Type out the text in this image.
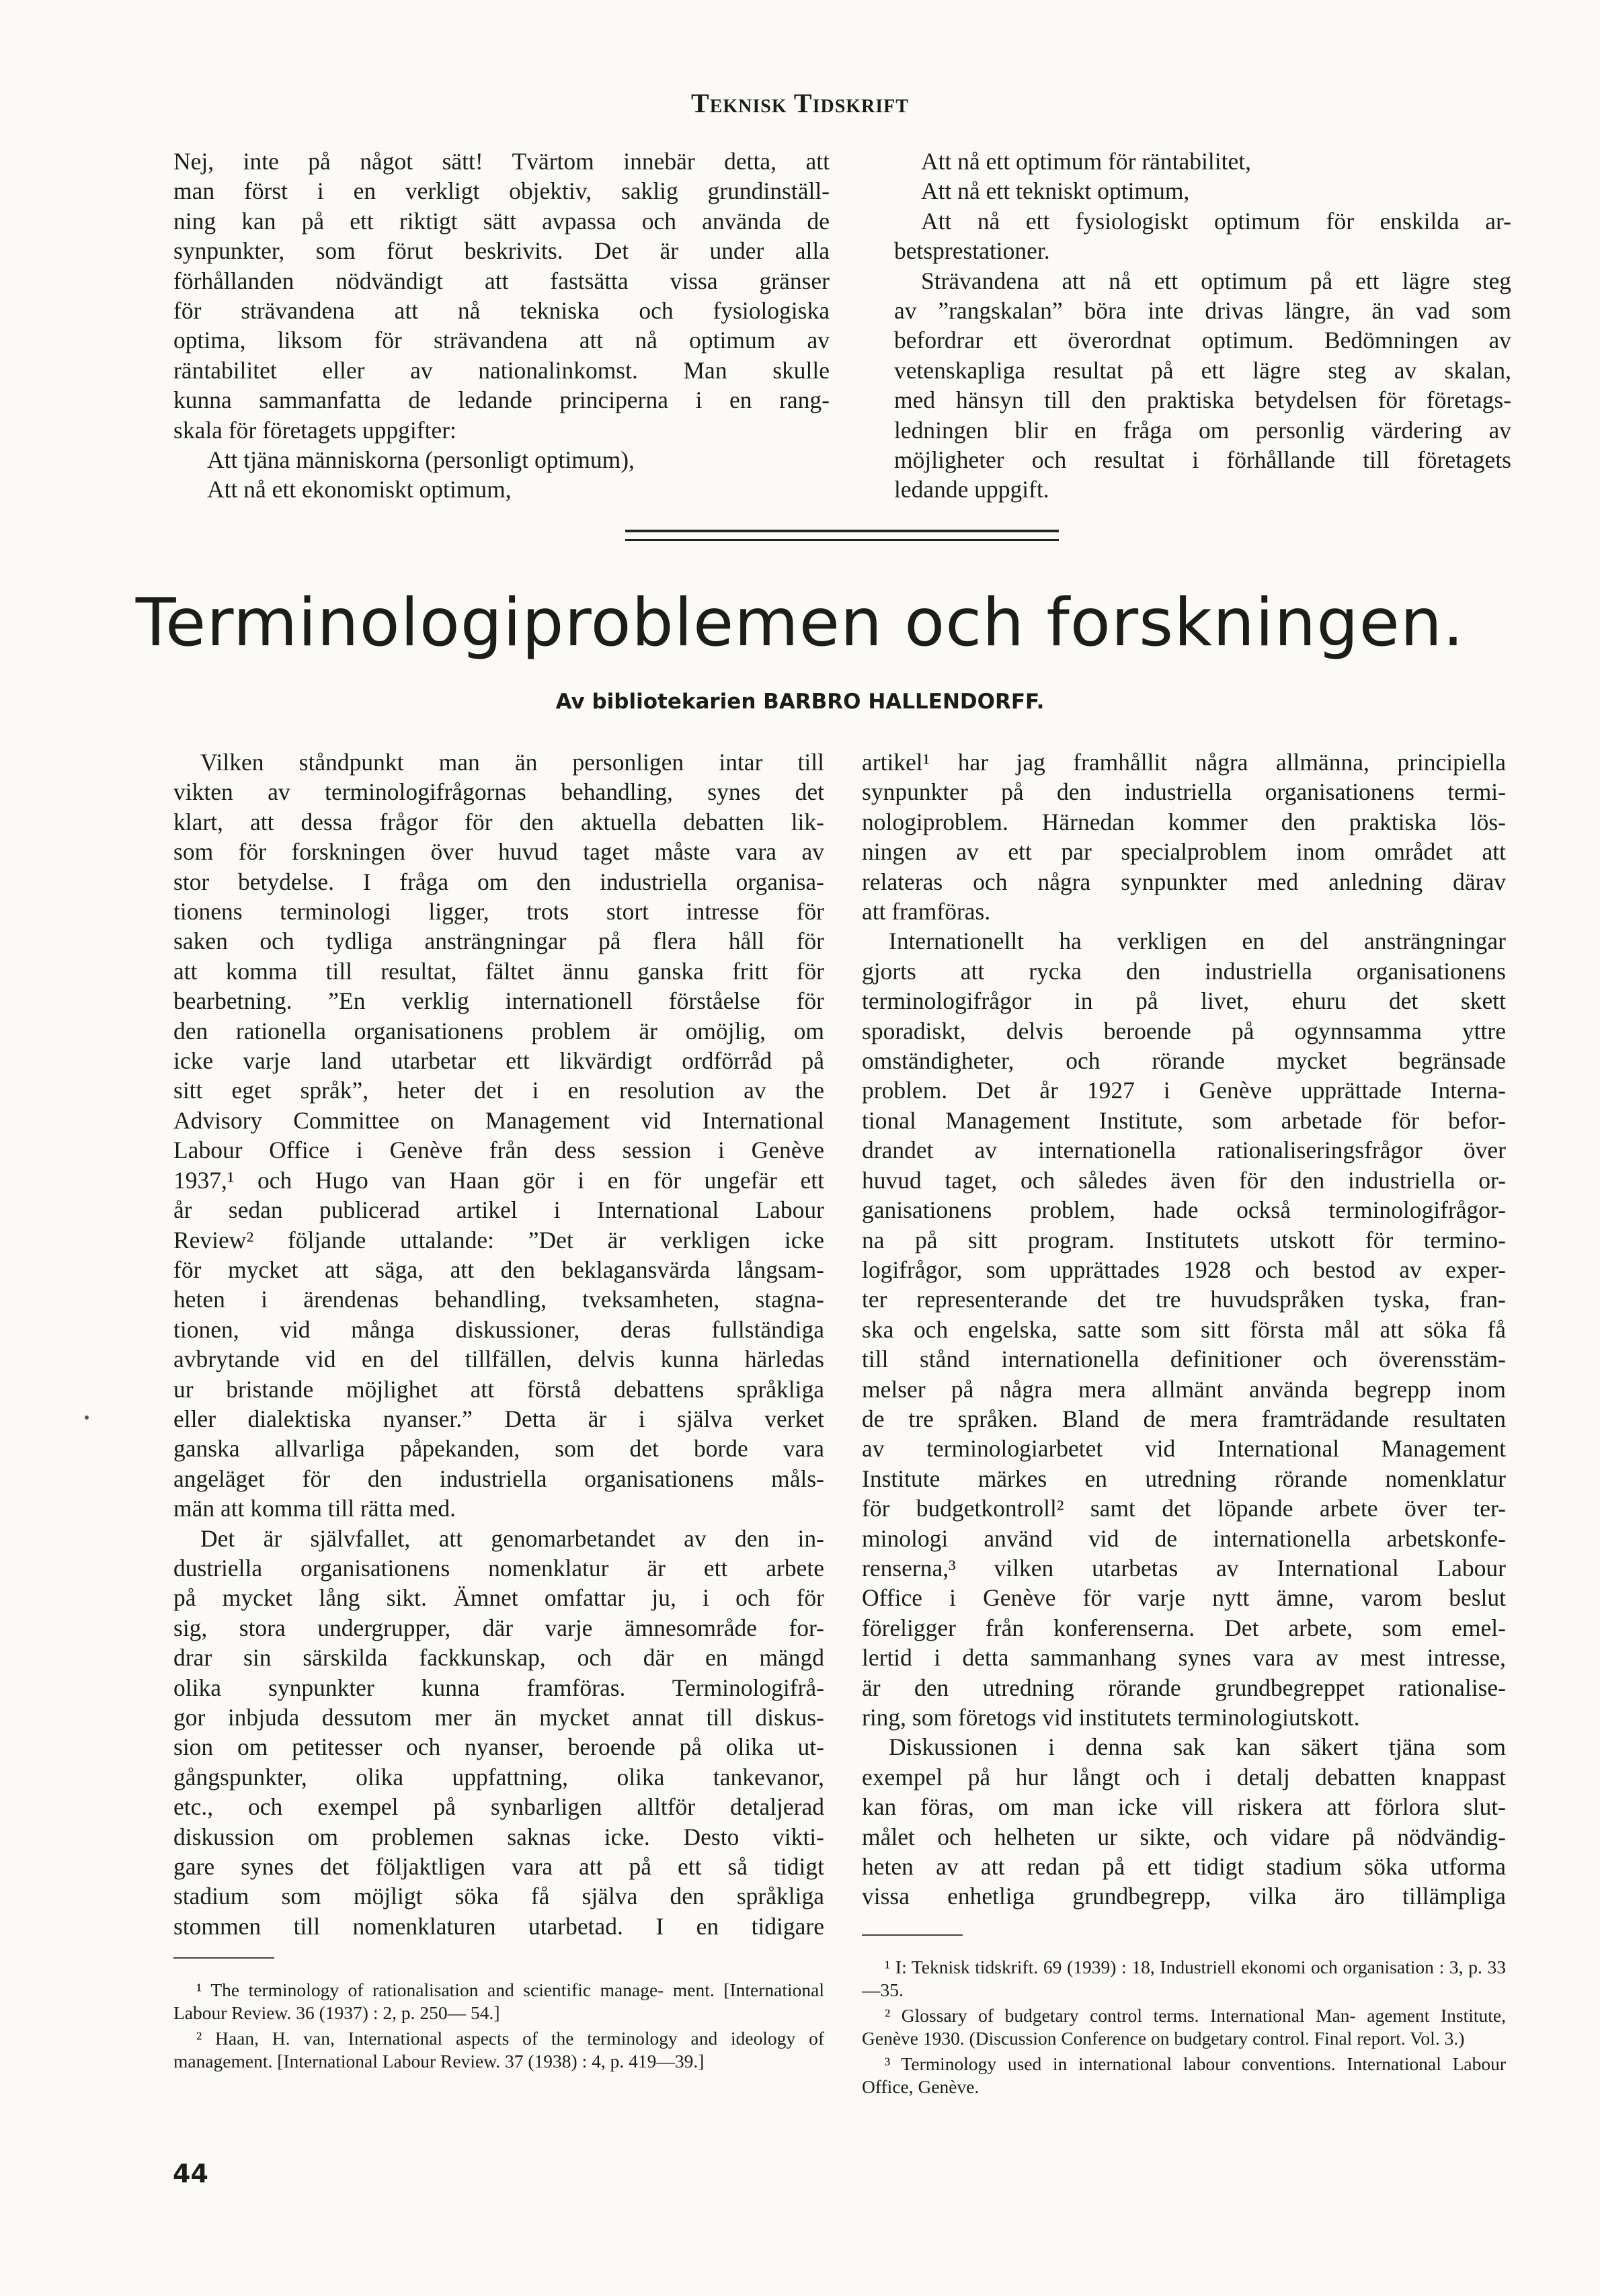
Teknisk Tidskrift
Nej, inte på något sätt! Tvärtom innebär detta, att
man först i en verkligt objektiv, saklig grundinställ-
ning kan på ett riktigt sätt avpassa och använda de
synpunkter, som förut beskrivits. Det är under alla
förhållanden nödvändigt att fastsätta vissa gränser
för strävandena att nå tekniska och fysiologiska
optima, liksom för strävandena att nå optimum av
räntabilitet eller av nationalinkomst. Man skulle
kunna sammanfatta de ledande principerna i en rang-
skala för företagets uppgifter:
Att tjäna människorna (personligt optimum),
Att nå ett ekonomiskt optimum,
Att nå ett optimum för räntabilitet,
Att nå ett tekniskt optimum,
Att nå ett fysiologiskt optimum för enskilda ar-
betsprestationer.
Strävandena att nå ett optimum på ett lägre steg
av ”rangskalan” böra inte drivas längre, än vad som
befordrar ett överordnat optimum. Bedömningen av
vetenskapliga resultat på ett lägre steg av skalan,
med hänsyn till den praktiska betydelsen för företags-
ledningen blir en fråga om personlig värdering av
möjligheter och resultat i förhållande till företagets
ledande uppgift.
Terminologiproblemen och forskningen.
Av bibliotekarien BARBRO HALLENDORFF.
Vilken ståndpunkt man än personligen intar till
vikten av terminologifrågornas behandling, synes det
klart, att dessa frågor för den aktuella debatten lik-
som för forskningen över huvud taget måste vara av
stor betydelse. I fråga om den industriella organisa-
tionens terminologi ligger, trots stort intresse för
saken och tydliga ansträngningar på flera håll för
att komma till resultat, fältet ännu ganska fritt för
bearbetning. ”En verklig internationell förståelse för
den rationella organisationens problem är omöjlig, om
icke varje land utarbetar ett likvärdigt ordförråd på
sitt eget språk”, heter det i en resolution av the
Advisory Committee on Management vid International
Labour Office i Genève från dess session i Genève
1937,¹ och Hugo van Haan gör i en för ungefär ett
år sedan publicerad artikel i International Labour
Review² följande uttalande: ”Det är verkligen icke
för mycket att säga, att den beklagansvärda långsam-
heten i ärendenas behandling, tveksamheten, stagna-
tionen, vid många diskussioner, deras fullständiga
avbrytande vid en del tillfällen, delvis kunna härledas
ur bristande möjlighet att förstå debattens språkliga
eller dialektiska nyanser.” Detta är i själva verket
ganska allvarliga påpekanden, som det borde vara
angeläget för den industriella organisationens måls-
män att komma till rätta med.
Det är självfallet, att genomarbetandet av den in-
dustriella organisationens nomenklatur är ett arbete
på mycket lång sikt. Ämnet omfattar ju, i och för
sig, stora undergrupper, där varje ämnesområde for-
drar sin särskilda fackkunskap, och där en mängd
olika synpunkter kunna framföras. Terminologifrå-
gor inbjuda dessutom mer än mycket annat till diskus-
sion om petitesser och nyanser, beroende på olika ut-
gångspunkter, olika uppfattning, olika tankevanor,
etc., och exempel på synbarligen alltför detaljerad
diskussion om problemen saknas icke. Desto vikti-
gare synes det följaktligen vara att på ett så tidigt
stadium som möjligt söka få själva den språkliga
stommen till nomenklaturen utarbetad. I en tidigare
artikel¹ har jag framhållit några allmänna, principiella
synpunkter på den industriella organisationens termi-
nologiproblem. Härnedan kommer den praktiska lös-
ningen av ett par specialproblem inom området att
relateras och några synpunkter med anledning därav
att framföras.
Internationellt ha verkligen en del ansträngningar
gjorts att rycka den industriella organisationens
terminologifrågor in på livet, ehuru det skett
sporadiskt, delvis beroende på ogynnsamma yttre
omständigheter, och rörande mycket begränsade
problem. Det år 1927 i Genève upprättade Interna-
tional Management Institute, som arbetade för befor-
drandet av internationella rationaliseringsfrågor över
huvud taget, och således även för den industriella or-
ganisationens problem, hade också terminologifrågor-
na på sitt program. Institutets utskott för termino-
logifrågor, som upprättades 1928 och bestod av exper-
ter representerande det tre huvudspråken tyska, fran-
ska och engelska, satte som sitt första mål att söka få
till stånd internationella definitioner och överensstäm-
melser på några mera allmänt använda begrepp inom
de tre språken. Bland de mera framträdande resultaten
av terminologiarbetet vid International Management
Institute märkes en utredning rörande nomenklatur
för budgetkontroll² samt det löpande arbete över ter-
minologi använd vid de internationella arbetskonfe-
renserna,³ vilken utarbetas av International Labour
Office i Genève för varje nytt ämne, varom beslut
föreligger från konferenserna. Det arbete, som emel-
lertid i detta sammanhang synes vara av mest intresse,
är den utredning rörande grundbegreppet rationalise-
ring, som företogs vid institutets terminologiutskott.
Diskussionen i denna sak kan säkert tjäna som
exempel på hur långt och i detalj debatten knappast
kan föras, om man icke vill riskera att förlora slut-
målet och helheten ur sikte, och vidare på nödvändig-
heten av att redan på ett tidigt stadium söka utforma
vissa enhetliga grundbegrepp, vilka äro tillämpliga

¹ The terminology of rationalisation and scientific manage- ment. [International Labour Review. 36 (1937) : 2, p. 250— 54.]

² Haan, H. van, International aspects of the terminology and ideology of management. [International Labour Review. 37 (1938) : 4, p. 419—39.]

¹ I: Teknisk tidskrift. 69 (1939) : 18, Industriell ekonomi och organisation : 3, p. 33—35.

² Glossary of budgetary control terms. International Man- agement Institute, Genève 1930. (Discussion Conference on budgetary control. Final report. Vol. 3.)

³ Terminology used in international labour conventions. International Labour Office, Genève.

44
